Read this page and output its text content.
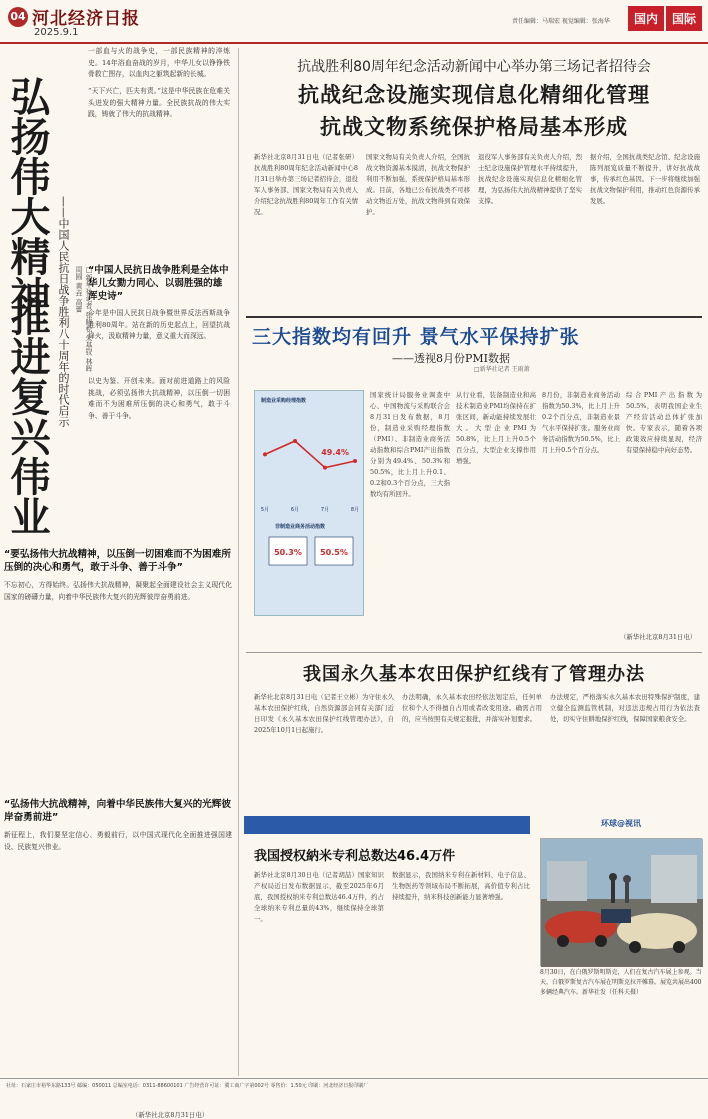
04 河北经济日报
2025.9.1
责任编辑：马瑞宏 视觉编辑：张海华	国内	国际
弘扬伟大精神
推进复兴伟业 ——中国人民抗日战争胜利八十周年的时代启示	□新华社记者 张晓松 朱基钗 林晖 周圆 黄垚 高蕾
一部血与火的战争史，一部民族精神的淬炼史。14年浴血奋战的岁月，中华儿女以铮铮铁骨救亡图存，以血肉之躯筑起新的长城。
“天下兴亡，匹夫有责。”这是中华民族在危难关头迸发的强大精神力量。全民族抗战的伟大实践，铸就了伟大的抗战精神。
“中国人民抗日战争胜利是全体中华儿女勠力同心、以弱胜强的雄浑史诗”
今年是中国人民抗日战争暨世界反法西斯战争胜利80周年。站在新的历史起点上，回望抗战烽火，汲取精神力量，意义重大而深远。
以史为鉴、开创未来。面对前进道路上的风险挑战，必须弘扬伟大抗战精神，以压倒一切困难而不为困难所压倒的决心和勇气，敢于斗争、善于斗争。
“要弘扬伟大抗战精神，以压倒一切困难而不为困难所压倒的决心和勇气，敢于斗争、善于斗争”
不忘初心，方得始终。弘扬伟大抗战精神，凝聚起全面建设社会主义现代化国家的磅礴力量，向着中华民族伟大复兴的光辉彼岸奋勇前进。
“弘扬伟大抗战精神，向着中华民族伟大复兴的光辉彼岸奋勇前进”
新征程上，我们要坚定信心、勇毅前行，以中国式现代化全面推进强国建设、民族复兴伟业。
（新华社北京8月31日电）
抗战胜利80周年纪念活动新闻中心举办第三场记者招待会
抗战纪念设施实现信息化精细化管理
抗战文物系统保护格局基本形成
新华社北京8月31日电（记者张研）抗战胜利80周年纪念活动新闻中心8月31日举办第三场记者招待会，退役军人事务部、国家文物局有关负责人介绍纪念抗战胜利80周年工作有关情况。
国家文物局有关负责人介绍，全国抗战文物资源基本摸清，抗战文物保护利用不断加强，系统保护格局基本形成。目前，各地已公布抗战类不可移动文物近万处，抗战文物得到有效保护。
退役军人事务部有关负责人介绍，烈士纪念设施保护管理水平持续提升，抗战纪念设施实现信息化精细化管理，为弘扬伟大抗战精神提供了坚实支撑。
据介绍，全国抗战类纪念馆、纪念设施陈列展览质量不断提升，讲好抗战故事，传承红色基因。下一步将继续加强抗战文物保护利用，推动红色资源传承发展。
三大指数均有回升 景气水平保持扩张
——透视8月份PMI数据
□新华社记者 王雨萧
5月	6月	7月	8月
49.4%
50.3% 50.5%
制造业采购经理指数
非制造业商务活动指数
国家统计局服务业调查中心、中国物流与采购联合会8月31日发布数据，8月份，制造业采购经理指数（PMI）、非制造业商务活动指数和综合PMI产出指数分别为49.4%、50.3%和50.5%，比上月上升0.1、0.2和0.3个百分点，三大指数均有所回升。
从行业看，装备制造业和高技术制造业PMI均保持在扩张区间，新动能持续发展壮大。大型企业PMI为50.8%，比上月上升0.5个百分点，大型企业支撑作用增强。
8月份，非制造业商务活动指数为50.3%，比上月上升0.2个百分点，非制造业景气水平保持扩张。服务业商务活动指数为50.5%，比上月上升0.5个百分点。
综合PMI产出指数为50.5%，表明我国企业生产经营活动总体扩张加快。专家表示，随着各项政策效应持续显现，经济有望保持稳中向好态势。
（新华社北京8月31日电）
我国永久基本农田保护红线有了管理办法
新华社北京8月31日电（记者王立彬）为守住永久基本农田保护红线，自然资源部会同有关部门近日印发《永久基本农田保护红线管理办法》，自2025年10月1日起施行。
办法明确，永久基本农田经依法划定后，任何单位和个人不得擅自占用或者改变用途。确需占用的，应当按照有关规定报批，并落实补划要求。
办法规定，严格落实永久基本农田特殊保护制度，建立健全监测监管机制，对违法违规占用行为依法查处，切实守住耕地保护红线，保障国家粮食安全。
我国授权納米专利总数达46.4万件
新华社北京8月30日电（记者胡喆）国家知识产权局近日发布数据显示，截至2025年6月底，我国授权纳米专利总数达46.4万件，约占全球纳米专利总量的43%，继续保持全球第一。
数据显示，我国纳米专利在新材料、电子信息、生物医药等领域布局不断拓展，高价值专利占比持续提升，纳米科技创新能力显著增强。
环球@视讯
8月30日，在白俄罗斯明斯克，人们在复古汽车展上参观。当天，白俄罗斯复古汽车展在明斯克拉开帷幕。展览共展出400多辆经典汽车。新华社发（任科夫摄）
社址：石家庄市裕华东路133号 邮编：050011 总编室电话：0311-88600101 广告经营许可证：冀工商广字第002号 零售价：1.50元 印刷：河北经济日报印刷厂
